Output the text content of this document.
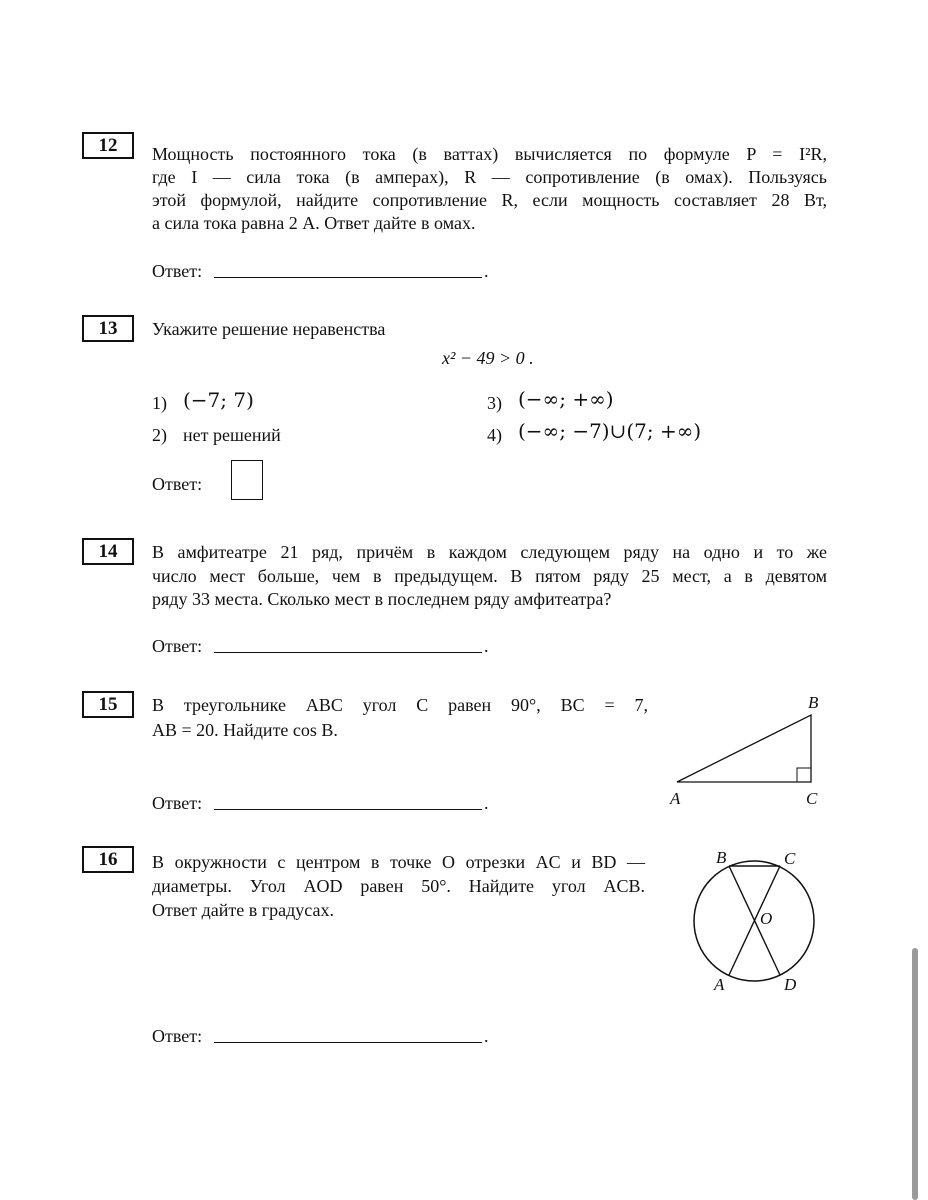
12	Мощность постоянного тока (в ваттах) вычисляется по формуле P = I²R,
где I — сила тока (в амперах), R — сопротивление (в омах). Пользуясь
этой формулой, найдите сопротивление R, если мощность составляет 28 Вт,
а сила тока равна 2 А. Ответ дайте в омах.
Ответ:	.
13	Укажите решение неравенства
x² − 49 > 0 .
1) (−7; 7)
2) нет решений
3) (−∞; +∞)
4) (−∞; −7)∪(7; +∞)
Ответ:
14	В амфитеатре 21 ряд, причём в каждом следующем ряду на одно и то же
число мест больше, чем в предыдущем. В пятом ряду 25 мест, а в девятом
ряду 33 места. Сколько мест в последнем ряду амфитеатра?
Ответ:	.
15	В треугольнике ABC угол C равен 90°, BC = 7,
AB = 20. Найдите cos B.
B
A	C
Ответ:	.
16	В окружности с центром в точке O отрезки AC и BD —
диаметры. Угол AOD равен 50°. Найдите угол ACB.
Ответ дайте в градусах.
B	C
O
A	D
Ответ:	.
